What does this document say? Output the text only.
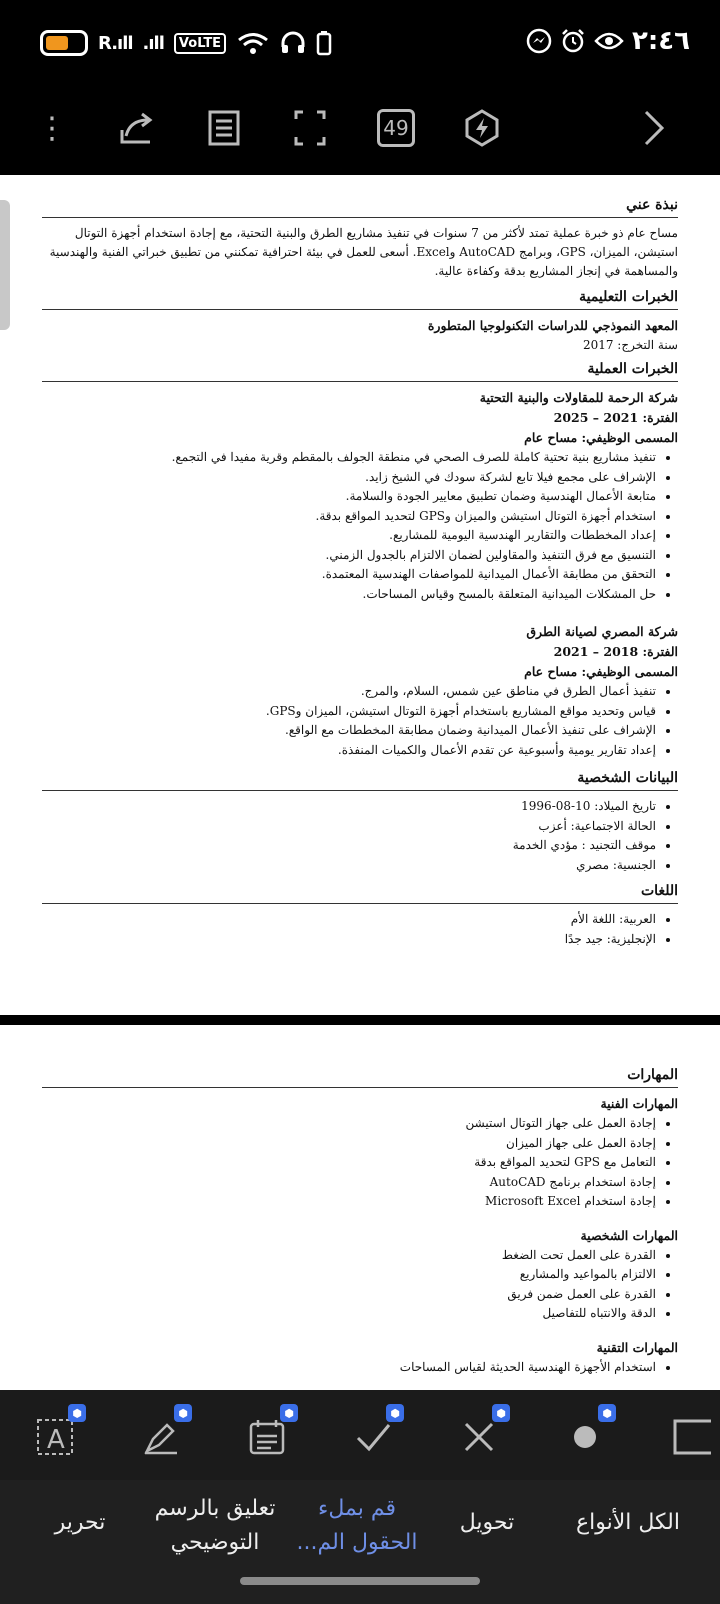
R.ıll .ıll	VoLTE	٢:٤٦
⋮	49
نبذة عني
مساح عام ذو خبرة عملية تمتد لأكثر من 7 سنوات في تنفيذ مشاريع الطرق والبنية التحتية، مع إجادة استخدام أجهزة التوتال استيشن، الميزان، GPS، وبرامج AutoCAD وExcel. أسعى للعمل في بيئة احترافية تمكنني من تطبيق خبراتي الفنية والهندسية والمساهمة في إنجاز المشاريع بدقة وكفاءة عالية.
الخبرات التعليمية
المعهد النموذجي للدراسات التكنولوجيا المتطورة
سنة التخرج: 2017
الخبرات العملية
شركة الرحمة للمقاولات والبنية التحتية
الفترة: 2021 – 2025
المسمى الوظيفي: مساح عام
• تنفيذ مشاريع بنية تحتية كاملة للصرف الصحي في منطقة الجولف بالمقطم وقرية مفيدا في التجمع.
• الإشراف على مجمع فيلا تابع لشركة سودك في الشيخ زايد.
• متابعة الأعمال الهندسية وضمان تطبيق معايير الجودة والسلامة.
• استخدام أجهزة التوتال استيشن والميزان وGPS لتحديد المواقع بدقة.
• إعداد المخططات والتقارير الهندسية اليومية للمشاريع.
• التنسيق مع فرق التنفيذ والمقاولين لضمان الالتزام بالجدول الزمني.
• التحقق من مطابقة الأعمال الميدانية للمواصفات الهندسية المعتمدة.
• حل المشكلات الميدانية المتعلقة بالمسح وقياس المساحات.
شركة المصري لصيانة الطرق
الفترة: 2018 – 2021
المسمى الوظيفي: مساح عام
• تنفيذ أعمال الطرق في مناطق عين شمس، السلام، والمرج.
• قياس وتحديد مواقع المشاريع باستخدام أجهزة التوتال استيشن، الميزان وGPS.
• الإشراف على تنفيذ الأعمال الميدانية وضمان مطابقة المخططات مع الواقع.
• إعداد تقارير يومية وأسبوعية عن تقدم الأعمال والكميات المنفذة.
البيانات الشخصية
• تاريخ الميلاد: 10-08-1996
• الحالة الاجتماعية: أعزب
• موقف التجنيد : مؤدي الخدمة
• الجنسية: مصري
اللغات
• العربية: اللغة الأم
• الإنجليزية: جيد جدًا
المهارات
المهارات الفنية
• إجادة العمل على جهاز التوتال استيشن
• إجادة العمل على جهاز الميزان
• التعامل مع GPS لتحديد المواقع بدقة
• إجادة استخدام برنامج AutoCAD
• إجادة استخدام Microsoft Excel
المهارات الشخصية
• القدرة على العمل تحت الضغط
• الالتزام بالمواعيد والمشاريع
• القدرة على العمل ضمن فريق
• الدقة والانتباه للتفاصيل
المهارات التقنية
• استخدام الأجهزة الهندسية الحديثة لقياس المساحات
A
⬢	⬢	⬢	⬢	⬢	⬢
الكل الأنواع
تحويل
قم بملء
الحقول الم...
تعليق بالرسم
التوضيحي
تحرير
